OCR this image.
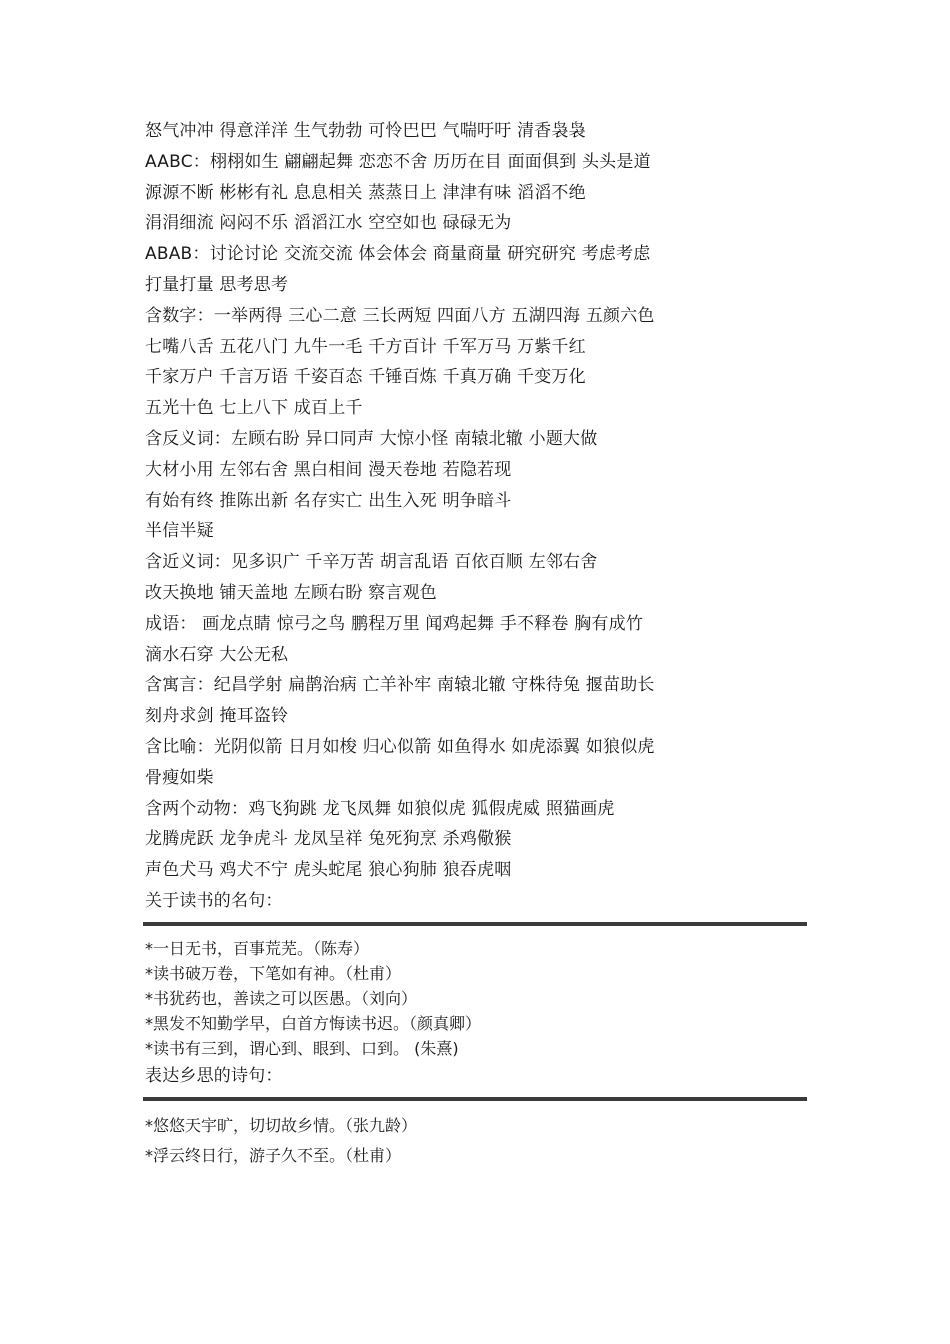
怒气冲冲 得意洋洋 生气勃勃 可怜巴巴 气喘吁吁 清香袅袅
AABC：栩栩如生 翩翩起舞 恋恋不舍 历历在目 面面俱到 头头是道
源源不断 彬彬有礼 息息相关 蒸蒸日上 津津有味 滔滔不绝
涓涓细流 闷闷不乐 滔滔江水 空空如也 碌碌无为
ABAB：讨论讨论 交流交流 体会体会 商量商量 研究研究 考虑考虑
打量打量 思考思考
含数字：一举两得 三心二意 三长两短 四面八方 五湖四海 五颜六色
七嘴八舌 五花八门 九牛一毛 千方百计 千军万马 万紫千红
千家万户 千言万语 千姿百态 千锤百炼 千真万确 千变万化
五光十色 七上八下 成百上千
含反义词：左顾右盼 异口同声 大惊小怪 南辕北辙 小题大做
大材小用 左邻右舍 黑白相间 漫天卷地 若隐若现
有始有终 推陈出新 名存实亡 出生入死 明争暗斗
半信半疑
含近义词：见多识广 千辛万苦 胡言乱语 百依百顺 左邻右舍
改天换地 铺天盖地 左顾右盼 察言观色
成语： 画龙点睛 惊弓之鸟 鹏程万里 闻鸡起舞 手不释卷 胸有成竹
滴水石穿 大公无私
含寓言：纪昌学射 扁鹊治病 亡羊补牢 南辕北辙 守株待兔 揠苗助长
刻舟求剑 掩耳盗铃
含比喻：光阴似箭 日月如梭 归心似箭 如鱼得水 如虎添翼 如狼似虎
骨瘦如柴
含两个动物：鸡飞狗跳 龙飞凤舞 如狼似虎 狐假虎威 照猫画虎
龙腾虎跃 龙争虎斗 龙凤呈祥 兔死狗烹 杀鸡儆猴
声色犬马 鸡犬不宁 虎头蛇尾 狼心狗肺 狼吞虎咽
关于读书的名句：
*一日无书，百事荒芜。（陈寿）
*读书破万卷，下笔如有神。（杜甫）
*书犹药也，善读之可以医愚。（刘向）
*黑发不知勤学早，白首方悔读书迟。（颜真卿）
*读书有三到，谓心到、眼到、口到。 (朱熹)
表达乡思的诗句：
*悠悠天宇旷，切切故乡情。（张九龄）
*浮云终日行，游子久不至。（杜甫）
